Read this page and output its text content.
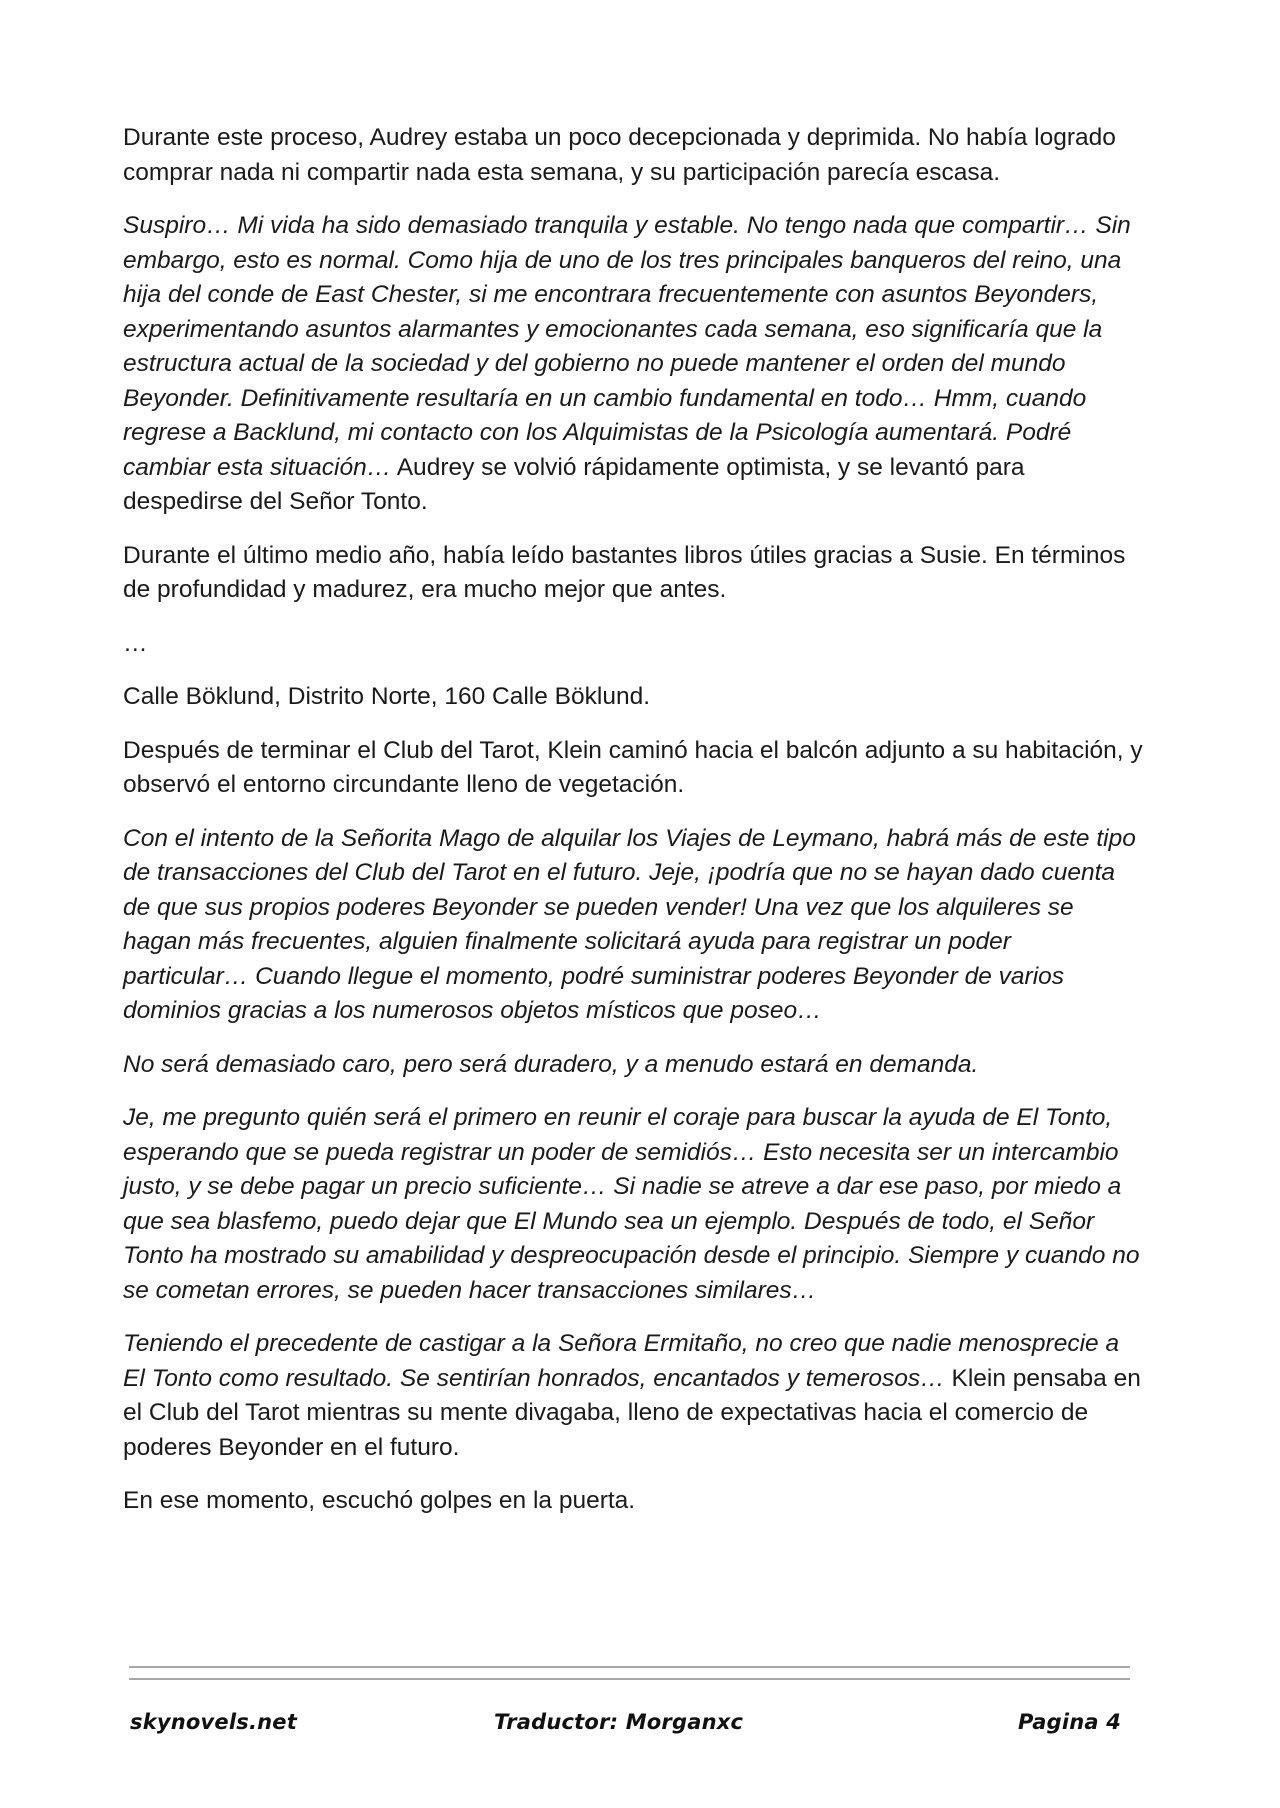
Durante este proceso, Audrey estaba un poco decepcionada y deprimida. No había logrado comprar nada ni compartir nada esta semana, y su participación parecía escasa.

Suspiro… Mi vida ha sido demasiado tranquila y estable. No tengo nada que compartir… Sin embargo, esto es normal. Como hija de uno de los tres principales banqueros del reino, una hija del conde de East Chester, si me encontrara frecuentemente con asuntos Beyonders, experimentando asuntos alarmantes y emocionantes cada semana, eso significaría que la estructura actual de la sociedad y del gobierno no puede mantener el orden del mundo Beyonder. Definitivamente resultaría en un cambio fundamental en todo… Hmm, cuando regrese a Backlund, mi contacto con los Alquimistas de la Psicología aumentará. Podré cambiar esta situación… Audrey se volvió rápidamente optimista, y se levantó para despedirse del Señor Tonto.

Durante el último medio año, había leído bastantes libros útiles gracias a Susie. En términos de profundidad y madurez, era mucho mejor que antes.

…

Calle Böklund, Distrito Norte, 160 Calle Böklund.

Después de terminar el Club del Tarot, Klein caminó hacia el balcón adjunto a su habitación, y observó el entorno circundante lleno de vegetación.

Con el intento de la Señorita Mago de alquilar los Viajes de Leymano, habrá más de este tipo de transacciones del Club del Tarot en el futuro. Jeje, ¡podría que no se hayan dado cuenta de que sus propios poderes Beyonder se pueden vender! Una vez que los alquileres se hagan más frecuentes, alguien finalmente solicitará ayuda para registrar un poder particular… Cuando llegue el momento, podré suministrar poderes Beyonder de varios dominios gracias a los numerosos objetos místicos que poseo…

No será demasiado caro, pero será duradero, y a menudo estará en demanda.

Je, me pregunto quién será el primero en reunir el coraje para buscar la ayuda de El Tonto, esperando que se pueda registrar un poder de semidiós… Esto necesita ser un intercambio justo, y se debe pagar un precio suficiente… Si nadie se atreve a dar ese paso, por miedo a que sea blasfemo, puedo dejar que El Mundo sea un ejemplo. Después de todo, el Señor Tonto ha mostrado su amabilidad y despreocupación desde el principio. Siempre y cuando no se cometan errores, se pueden hacer transacciones similares…

Teniendo el precedente de castigar a la Señora Ermitaño, no creo que nadie menosprecie a El Tonto como resultado. Se sentirían honrados, encantados y temerosos… Klein pensaba en el Club del Tarot mientras su mente divagaba, lleno de expectativas hacia el comercio de poderes Beyonder en el futuro.

En ese momento, escuchó golpes en la puerta.

skynovels.net	Traductor: Morganxc	Pagina 4
